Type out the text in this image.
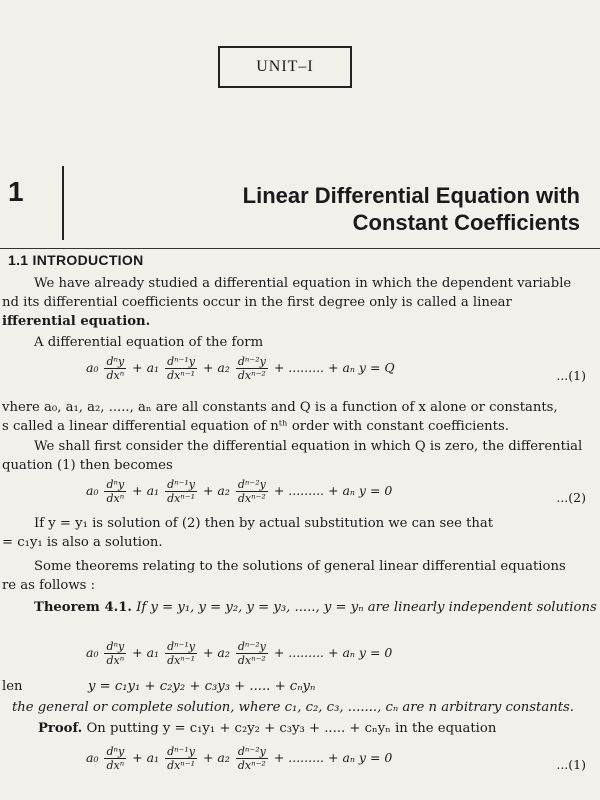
UNIT–I
1	Linear Differential Equation with
Constant Coefficients
1.1 INTRODUCTION
We have already studied a differential equation in which the dependent variable
nd its differential coefficients occur in the first degree only is called a linear
ifferential equation.
A differential equation of the form
$a_0 \frac{\text{dⁿy}}{\text{dxⁿ}} + a_1 \frac{\text{dⁿ⁻¹y}}{\text{dxⁿ⁻¹}} + a_2 \frac{\text{dⁿ⁻²y}}{\text{dxⁿ⁻²}}$ + ......... + aₙ y = Q
...(1)
vhere a₀, a₁, a₂, ....., aₙ are all constants and Q is a function of x alone or constants,
s called a linear differential equation of nᵗʰ order with constant coefficients.
We shall first consider the differential equation in which Q is zero, the differential
quation (1) then becomes
$a_0 \frac{\text{dⁿy}}{\text{dxⁿ}} + a_1 \frac{\text{dⁿ⁻¹y}}{\text{dxⁿ⁻¹}} + a_2 \frac{\text{dⁿ⁻²y}}{\text{dxⁿ⁻²}}$ + ......... + aₙ y = 0	...(2)
If y = y₁ is solution of (2) then by actual substitution we can see that
= c₁y₁ is also a solution.
Some theorems relating to the solutions of general linear differential equations
re as follows :
Theorem 4.1. If y = y₁, y = y₂, y = y₃, ....., y = yₙ are linearly independent solutions
$a_0 \frac{\text{dⁿy}}{\text{dxⁿ}} + a_1 \frac{\text{dⁿ⁻¹y}}{\text{dxⁿ⁻¹}} + a_2 \frac{\text{dⁿ⁻²y}}{\text{dxⁿ⁻²}}$ + ......... + aₙ y = 0
len	y = c₁y₁ + c₂y₂ + c₃y₃ + ..... + cₙyₙ
the general or complete solution, where c₁, c₂, c₃, ......., cₙ are n arbitrary constants.
Proof. On putting y = c₁y₁ + c₂y₂ + c₃y₃ + ..... + cₙyₙ in the equation
$a_0 \frac{\text{dⁿy}}{\text{dxⁿ}} + a_1 \frac{\text{dⁿ⁻¹y}}{\text{dxⁿ⁻¹}} + a_2 \frac{\text{dⁿ⁻²y}}{\text{dxⁿ⁻²}}$ + ......... + aₙ y = 0	...(1)
